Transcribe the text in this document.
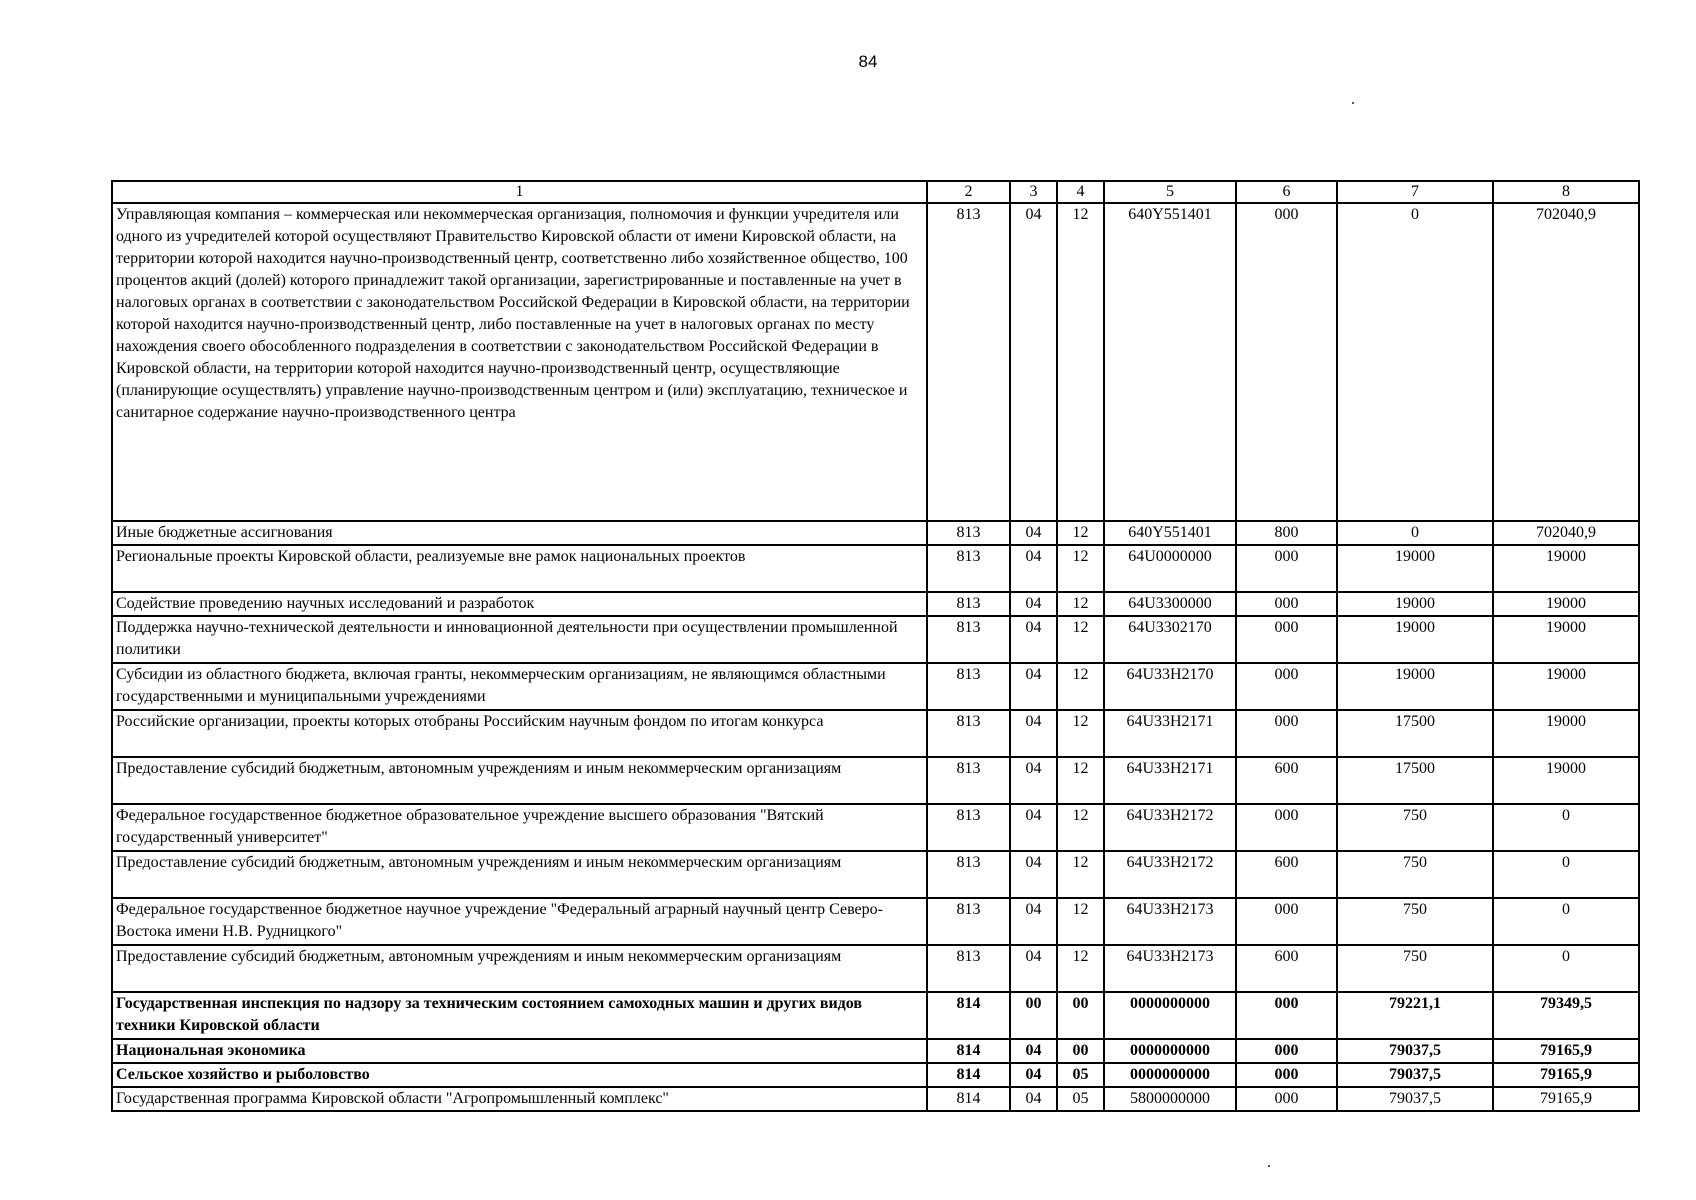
84
1	2	3	4	5	6	7	8
Управляющая компания – коммерческая или некоммерческая организация, полномочия и функции учредителя или одного из учредителей которой осуществляют Правительство Кировской области от имени Кировской области, на территории которой находится научно-производственный центр, соответственно либо хозяйственное общество, 100 процентов акций (долей) которого принадлежит такой организации, зарегистрированные и поставленные на учет в налоговых органах в соответствии с законодательством Российской Федерации в Кировской области, на территории которой находится научно-производственный центр, либо поставленные на учет в налоговых органах по месту нахождения своего обособленного подразделения в соответствии с законодательством Российской Федерации в Кировской области, на территории которой находится научно-производственный центр, осуществляющие (планирующие осуществлять) управление научно-производственным центром и (или) эксплуатацию, техническое и санитарное содержание научно-производственного центра	813	04	12	640Y551401	000	0	702040,9
Иные бюджетные ассигнования	813	04	12	640Y551401	800	0	702040,9
Региональные проекты Кировской области, реализуемые вне рамок национальных проектов	813	04	12	64U0000000	000	19000	19000
Содействие проведению научных исследований и разработок	813	04	12	64U3300000	000	19000	19000
Поддержка научно-технической деятельности и инновационной деятельности при осуществлении промышленной политики	813	04	12	64U3302170	000	19000	19000
Субсидии из областного бюджета, включая гранты, некоммерческим организациям, не являющимся областными государственными и муниципальными учреждениями	813	04	12	64U33H2170	000	19000	19000
Российские организации, проекты которых отобраны Российским научным фондом по итогам конкурса	813	04	12	64U33H2171	000	17500	19000
Предоставление субсидий бюджетным, автономным учреждениям и иным некоммерческим организациям	813	04	12	64U33H2171	600	17500	19000
Федеральное государственное бюджетное образовательное учреждение высшего образования "Вятский государственный университет"	813	04	12	64U33H2172	000	750	0
Предоставление субсидий бюджетным, автономным учреждениям и иным некоммерческим организациям	813	04	12	64U33H2172	600	750	0
Федеральное государственное бюджетное научное учреждение "Федеральный аграрный научный центр Северо-Востока имени Н.В. Рудницкого"	813	04	12	64U33H2173	000	750	0
Предоставление субсидий бюджетным, автономным учреждениям и иным некоммерческим организациям	813	04	12	64U33H2173	600	750	0
Государственная инспекция по надзору за техническим состоянием самоходных машин и других видов техники Кировской области	814	00	00	0000000000	000	79221,1	79349,5
Национальная экономика	814	04	00	0000000000	000	79037,5	79165,9
Сельское хозяйство и рыболовство	814	04	05	0000000000	000	79037,5	79165,9
Государственная программа Кировской области "Агропромышленный комплекс"	814	04	05	5800000000	000	79037,5	79165,9
